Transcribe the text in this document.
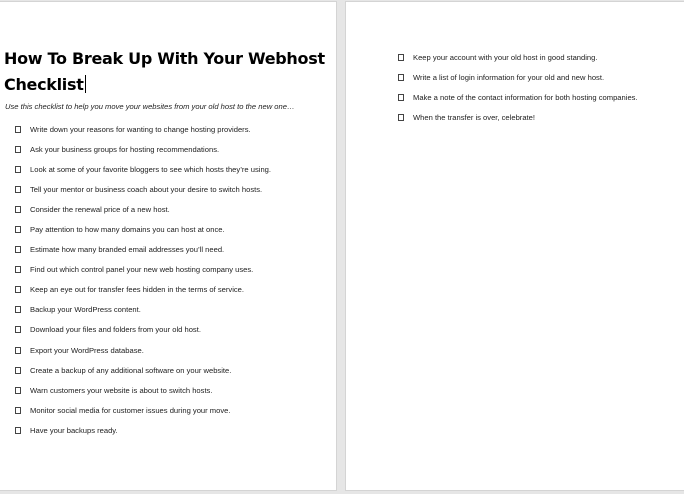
How To Break Up With Your Webhost
Checklist

Use this checklist to help you move your websites from your old host to the new one…

Write down your reasons for wanting to change hosting providers.
Ask your business groups for hosting recommendations.
Look at some of your favorite bloggers to see which hosts they’re using.
Tell your mentor or business coach about your desire to switch hosts.
Consider the renewal price of a new host.
Pay attention to how many domains you can host at once.
Estimate how many branded email addresses you’ll need.
Find out which control panel your new web hosting company uses.
Keep an eye out for transfer fees hidden in the terms of service.
Backup your WordPress content.
Download your files and folders from your old host.
Export your WordPress database.
Create a backup of any additional software on your website.
Warn customers your website is about to switch hosts.
Monitor social media for customer issues during your move.
Have your backups ready.
Keep your account with your old host in good standing.
Write a list of login information for your old and new host.
Make a note of the contact information for both hosting companies.
When the transfer is over, celebrate!
